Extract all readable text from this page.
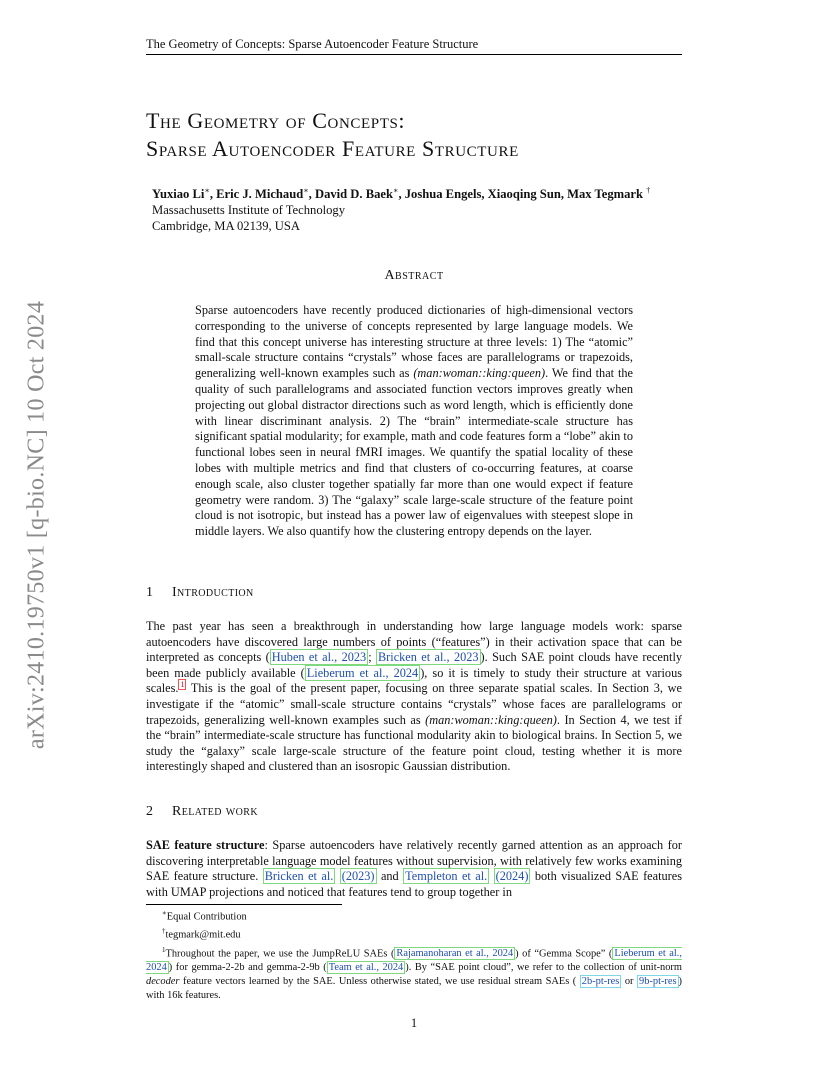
The Geometry of Concepts: Sparse Autoencoder Feature Structure
arXiv:2410.19750v1 [q-bio.NC] 10 Oct 2024
The Geometry of Concepts:
Sparse Autoencoder Feature Structure
Yuxiao Li∗, Eric J. Michaud∗, David D. Baek∗, Joshua Engels, Xiaoqing Sun, Max Tegmark †
Massachusetts Institute of Technology
Cambridge, MA 02139, USA
Abstract
Sparse autoencoders have recently produced dictionaries of high-dimensional vectors corresponding to the universe of concepts represented by large language models. We find that this concept universe has interesting structure at three levels: 1) The “atomic” small-scale structure contains “crystals” whose faces are parallelograms or trapezoids, generalizing well-known examples such as (man:woman::king:queen). We find that the quality of such parallelograms and associated function vectors improves greatly when projecting out global distractor directions such as word length, which is efficiently done with linear discriminant analysis. 2) The “brain” intermediate-scale structure has significant spatial modularity; for example, math and code features form a “lobe” akin to functional lobes seen in neural fMRI images. We quantify the spatial locality of these lobes with multiple metrics and find that clusters of co-occurring features, at coarse enough scale, also cluster together spatially far more than one would expect if feature geometry were random. 3) The “galaxy” scale large-scale structure of the feature point cloud is not isotropic, but instead has a power law of eigenvalues with steepest slope in middle layers. We also quantify how the clustering entropy depends on the layer.
1 Introduction
The past year has seen a breakthrough in understanding how large language models work: sparse autoencoders have discovered large numbers of points (“features”) in their activation space that can be interpreted as concepts ( Huben et al., 2023 ; Bricken et al., 2023 ). Such SAE point clouds have recently been made publicly available ( Lieberum et al., 2024 ), so it is timely to study their structure at various scales. $^1$ This is the goal of the present paper, focusing on three separate spatial scales. In Section 3, we investigate if the “atomic” small-scale structure contains “crystals” whose faces are parallelograms or trapezoids, generalizing well-known examples such as (man:woman::king:queen). In Section 4, we test if the “brain” intermediate-scale structure has functional modularity akin to biological brains. In Section 5, we study the “galaxy” scale large-scale structure of the feature point cloud, testing whether it is more interestingly shaped and clustered than an isosropic Gaussian distribution.
2 Related work
SAE feature structure: Sparse autoencoders have relatively recently garned attention as an approach for discovering interpretable language model features without supervision, with relatively few works examining SAE feature structure. Bricken et al. (2023) and Templeton et al. (2024) both visualized SAE features with UMAP projections and noticed that features tend to group together in
∗Equal Contribution
†tegmark@mit.edu
$^1$Throughout the paper, we use the JumpReLU SAEs ( Rajamanoharan et al., 2024 ) of “Gemma Scope” ( Lieberum et al., 2024 ) for gemma-2-2b and gemma-2-9b ( Team et al., 2024 ). By “SAE point cloud”, we refer to the collection of unit-norm decoder feature vectors learned by the SAE. Unless otherwise stated, we use residual stream SAEs ( 2b-pt-res or 9b-pt-res ) with 16k features.
1
